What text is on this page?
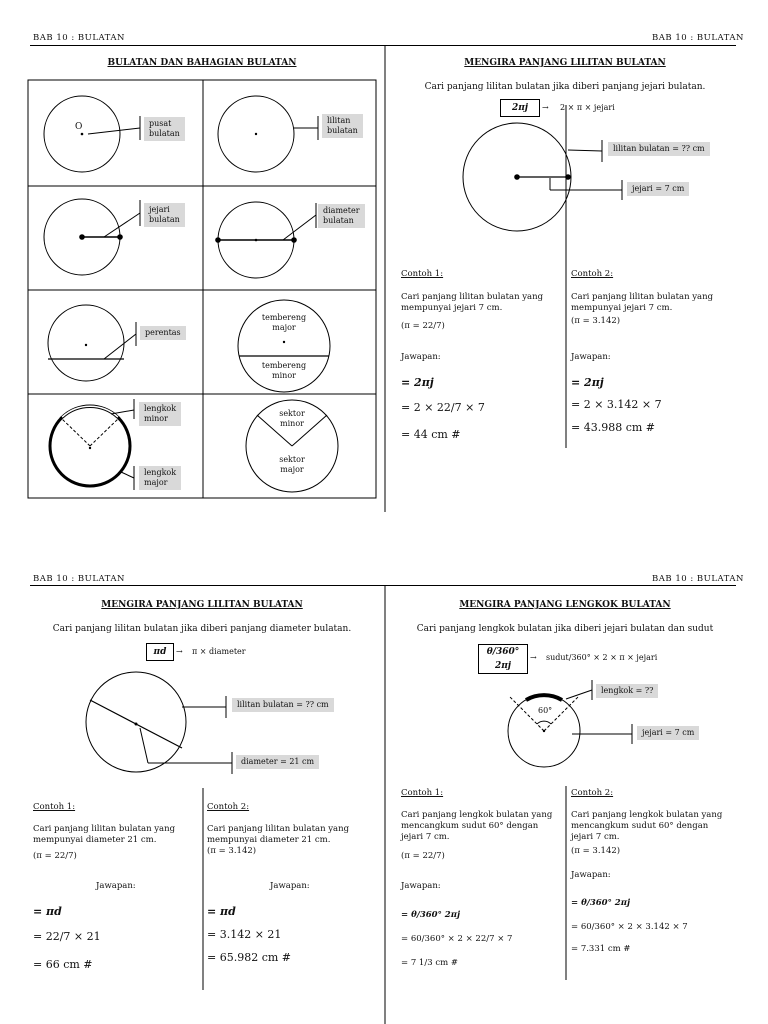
BAB 10 : BULATAN	BAB 10 : BULATAN
BAB 10 : BULATAN	BAB 10 : BULATAN
BULATAN DAN BAHAGIAN BULATAN
O	pusat
bulatan
lilitan
bulatan
jejari
bulatan
diameter
bulatan
perentas
tembereng
major
tembereng
minor
lengkok
minor
lengkok
major
sektor
minor
sektor
major
MENGIRA PANJANG LILITAN BULATAN
Cari panjang lilitan bulatan jika diberi panjang jejari bulatan.
2πj	→ 2 × π × jejari
lilitan bulatan = ?? cm
jejari = 7 cm
Contoh 1:
Cari panjang lilitan bulatan yang mempunyai jejari 7 cm.
(π = 22/7)
Jawapan:
= 2πj
= 2 × 22/7 × 7
= 44 cm #
Contoh 2:
Cari panjang lilitan bulatan yang mempunyai jejari 7 cm.
(π = 3.142)
Jawapan:
= 2πj
= 2 × 3.142 × 7
= 43.988 cm #
MENGIRA PANJANG LILITAN BULATAN
Cari panjang lilitan bulatan jika diberi panjang diameter bulatan.
πd	→ π × diameter
lilitan bulatan = ?? cm
diameter = 21 cm
Contoh 1:
Cari panjang lilitan bulatan yang mempunyai diameter 21 cm.
(π = 22/7)
Jawapan:
= πd
= 22/7 × 21
= 66 cm #
Contoh 2:
Cari panjang lilitan bulatan yang mempunyai diameter 21 cm.
(π = 3.142)
Jawapan:
= πd
= 3.142 × 21
= 65.982 cm #
MENGIRA PANJANG LENGKOK BULATAN
Cari panjang lengkok bulatan jika diberi jejari bulatan dan sudut
θ/360° 2πj
→ sudut/360° × 2 × π × jejari
60°
lengkok = ??
jejari = 7 cm
Contoh 1:
Cari panjang lengkok bulatan yang mencangkum sudut 60° dengan jejari 7 cm.
(π = 22/7)
Jawapan:
= θ/360° 2πj
= 60/360° × 2 × 22/7 × 7
= 7 1/3 cm #
Contoh 2:
Cari panjang lengkok bulatan yang mencangkum sudut 60° dengan jejari 7 cm.
(π = 3.142)
Jawapan:
= θ/360° 2πj
= 60/360° × 2 × 3.142 × 7
= 7.331 cm #
